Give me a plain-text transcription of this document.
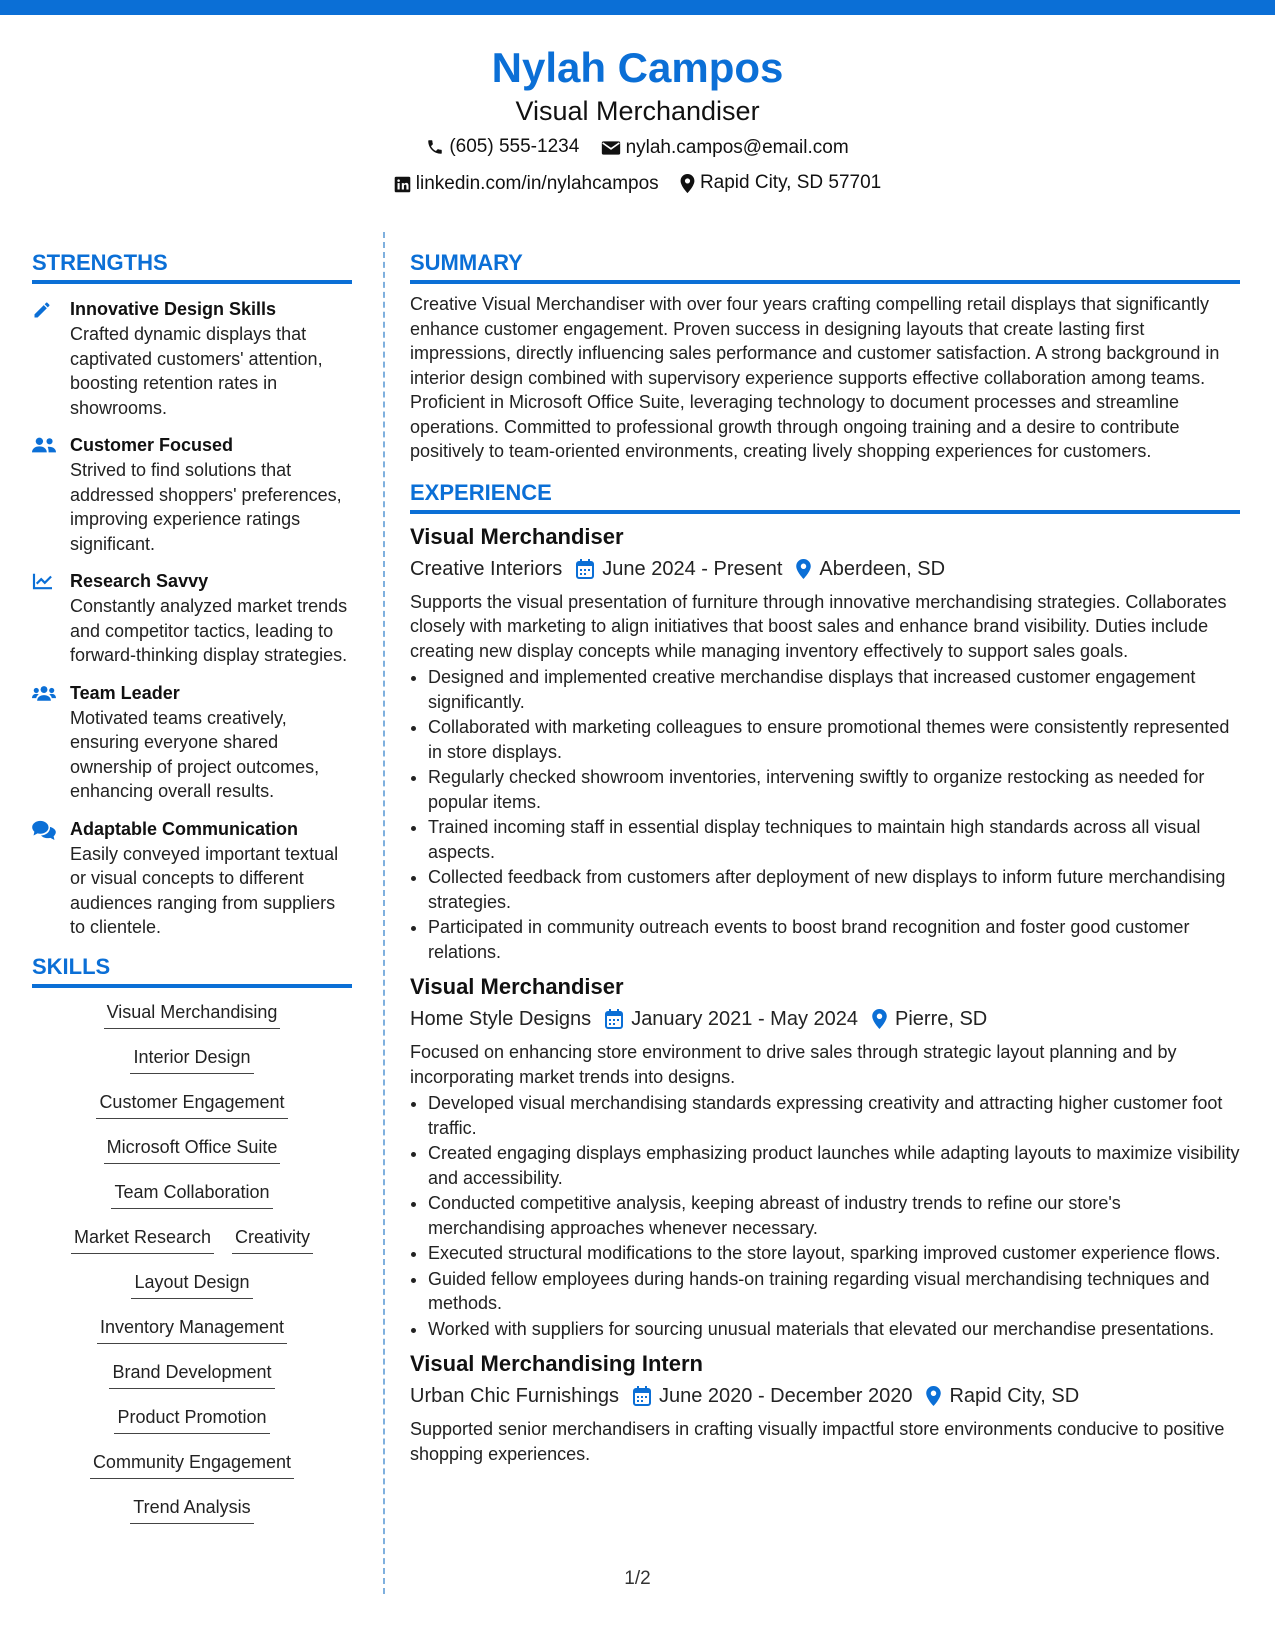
Nylah Campos
Visual Merchandiser
(605) 555-1234
nylah.campos@email.com
linkedin.com/in/nylahcampos
Rapid City, SD 57701
STRENGTHS
Innovative Design Skills
Crafted dynamic displays that captivated customers' attention, boosting retention rates in showrooms.
Customer Focused
Strived to find solutions that addressed shoppers' preferences, improving experience ratings significant.
Research Savvy
Constantly analyzed market trends and competitor tactics, leading to forward-thinking display strategies.
Team Leader
Motivated teams creatively, ensuring everyone shared ownership of project outcomes, enhancing overall results.
Adaptable Communication
Easily conveyed important textual or visual concepts to different audiences ranging from suppliers to clientele.
SKILLS
Visual Merchandising
Interior Design
Customer Engagement
Microsoft Office Suite
Team Collaboration
Market Research Creativity
Layout Design
Inventory Management
Brand Development
Product Promotion
Community Engagement
Trend Analysis
SUMMARY
Creative Visual Merchandiser with over four years crafting compelling retail displays that significantly enhance customer engagement. Proven success in designing layouts that create lasting first impressions, directly influencing sales performance and customer satisfaction. A strong background in interior design combined with supervisory experience supports effective collaboration among teams. Proficient in Microsoft Office Suite, leveraging technology to document processes and streamline operations. Committed to professional growth through ongoing training and a desire to contribute positively to team-oriented environments, creating lively shopping experiences for customers.
EXPERIENCE
Visual Merchandiser
Creative Interiors June 2024 - Present Aberdeen, SD
Supports the visual presentation of furniture through innovative merchandising strategies. Collaborates closely with marketing to align initiatives that boost sales and enhance brand visibility. Duties include creating new display concepts while managing inventory effectively to support sales goals.
• Designed and implemented creative merchandise displays that increased customer engagement significantly.
• Collaborated with marketing colleagues to ensure promotional themes were consistently represented in store displays.
• Regularly checked showroom inventories, intervening swiftly to organize restocking as needed for popular items.
• Trained incoming staff in essential display techniques to maintain high standards across all visual aspects.
• Collected feedback from customers after deployment of new displays to inform future merchandising strategies.
• Participated in community outreach events to boost brand recognition and foster good customer relations.
Visual Merchandiser
Home Style Designs January 2021 - May 2024 Pierre, SD
Focused on enhancing store environment to drive sales through strategic layout planning and by incorporating market trends into designs.
• Developed visual merchandising standards expressing creativity and attracting higher customer foot traffic.
• Created engaging displays emphasizing product launches while adapting layouts to maximize visibility and accessibility.
• Conducted competitive analysis, keeping abreast of industry trends to refine our store's merchandising approaches whenever necessary.
• Executed structural modifications to the store layout, sparking improved customer experience flows.
• Guided fellow employees during hands-on training regarding visual merchandising techniques and methods.
• Worked with suppliers for sourcing unusual materials that elevated our merchandise presentations.
Visual Merchandising Intern
Urban Chic Furnishings June 2020 - December 2020 Rapid City, SD
Supported senior merchandisers in crafting visually impactful store environments conducive to positive shopping experiences.
1/2
